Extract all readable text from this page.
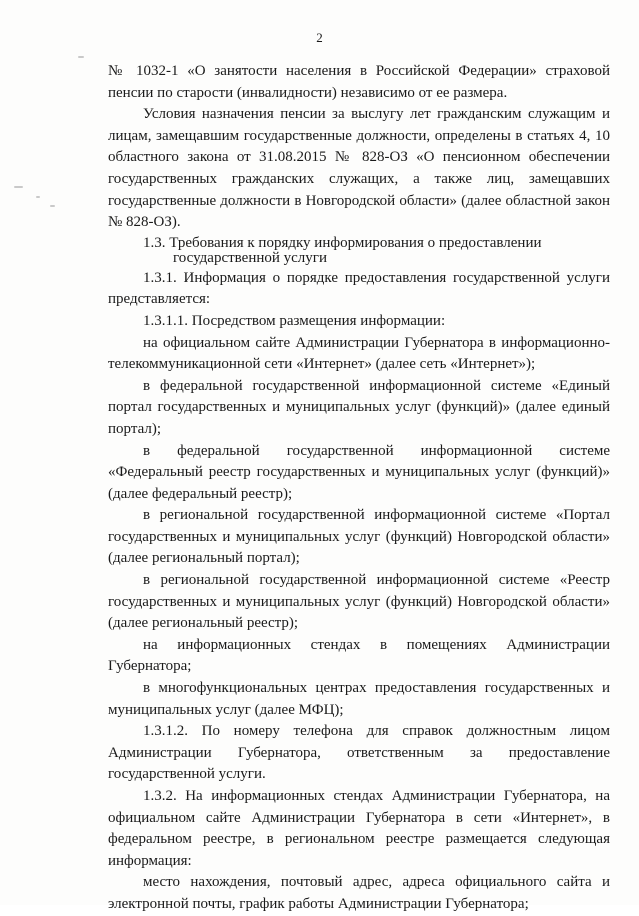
2

№ 1032-1 «О занятости населения в Российской Федерации» страховой пенсии по старости (инвалидности) независимо от ее размера.

Условия назначения пенсии за выслугу лет гражданским служащим и лицам, замещавшим государственные должности, определены в статьях 4, 10 областного закона от 31.08.2015 № 828-ОЗ «О пенсионном обеспечении государственных гражданских служащих, а также лиц, замещавших государственные должности в Новгородской области» (далее областной закон № 828-ОЗ).

1.3. Требования к порядку информирования о предоставлении
государственной услуги

1.3.1. Информация о порядке предоставления государственной услуги представляется:

1.3.1.1. Посредством размещения информации:

на официальном сайте Администрации Губернатора в информационно-телекоммуникационной сети «Интернет» (далее сеть «Интернет»);

в федеральной государственной информационной системе «Единый портал государственных и муниципальных услуг (функций)» (далее единый портал);

в федеральной государственной информационной системе «Федеральный реестр государственных и муниципальных услуг (функций)» (далее федеральный реестр);

в региональной государственной информационной системе «Портал государственных и муниципальных услуг (функций) Новгородской области» (далее региональный портал);

в региональной государственной информационной системе «Реестр государственных и муниципальных услуг (функций) Новгородской области» (далее региональный реестр);

на информационных стендах в помещениях Администрации Губернатора;

в многофункциональных центрах предоставления государственных и муниципальных услуг (далее МФЦ);

1.3.1.2. По номеру телефона для справок должностным лицом Администрации Губернатора, ответственным за предоставление государственной услуги.

1.3.2. На информационных стендах Администрации Губернатора, на официальном сайте Администрации Губернатора в сети «Интернет», в федеральном реестре, в региональном реестре размещается следующая информация:

место нахождения, почтовый адрес, адреса официального сайта и электронной почты, график работы Администрации Губернатора;
